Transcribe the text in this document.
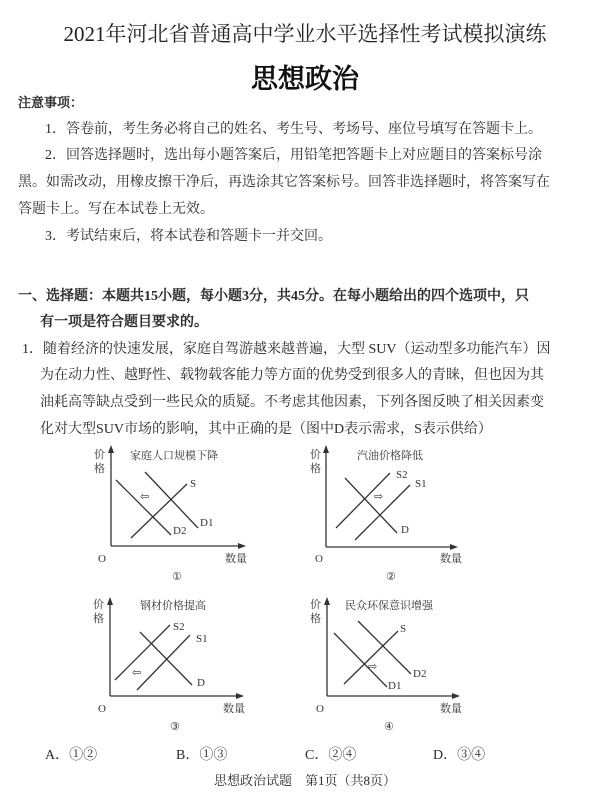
2021年河北省普通高中学业水平选择性考试模拟演练
思想政治
注意事项：
1．答卷前，考生务必将自己的姓名、考生号、考场号、座位号填写在答题卡上。
2．回答选择题时，选出每小题答案后，用铅笔把答题卡上对应题目的答案标号涂
黑。如需改动，用橡皮擦干净后，再选涂其它答案标号。回答非选择题时，将答案写在
答题卡上。写在本试卷上无效。
3．考试结束后，将本试卷和答题卡一并交回。
一、选择题：本题共15小题，每小题3分，共45分。在每小题给出的四个选项中，只
有一项是符合题目要求的。
1．随着经济的快速发展，家庭自驾游越来越普遍，大型 SUV（运动型多功能汽车）因
为在动力性、越野性、载物载客能力等方面的优势受到很多人的青睐，但也因为其
油耗高等缺点受到一些民众的质疑。不考虑其他因素，下列各图反映了相关因素变
化对大型SUV市场的影响，其中正确的是（图中D表示需求，S表示供给）
家庭人口规模下降
价
格
O	数量
⇦
S
D1
D2
①
汽油价格降低
价
格
O	数量
⇨
S2
S1
D
②
钢材价格提高
价
格
O	数量
⇦
S2
S1
D
③
民众环保意识增强
价
格
O	数量
⇨
S
D2
D1
④
A．①②	B．①③	C．②④	D．③④
思想政治试题　第1页（共8页）
